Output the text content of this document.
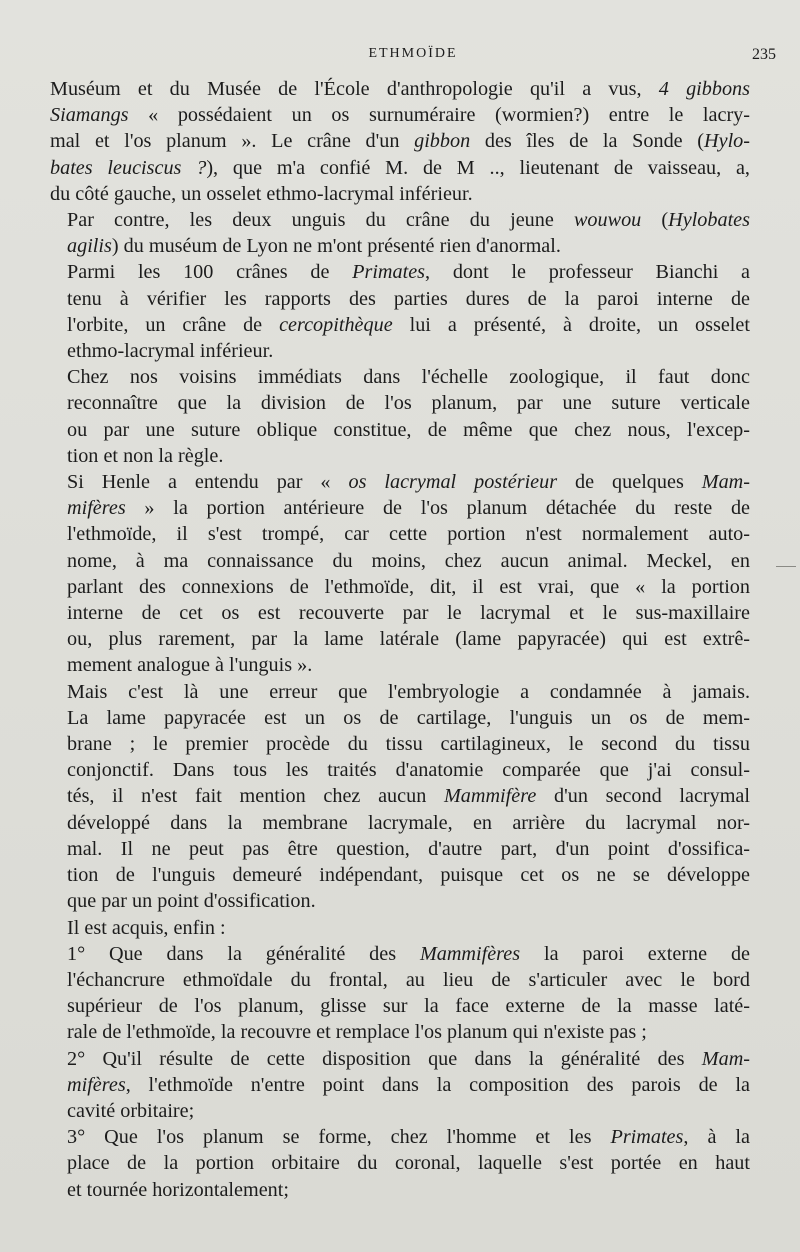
ETHMOÏDE	235

Muséum et du Musée de l'École d'anthropologie qu'il a vus, 4 gibbons
Siamangs « possédaient un os surnuméraire (wormien?) entre le lacry-
mal et l'os planum ». Le crâne d'un gibbon des îles de la Sonde (Hylo-
bates leuciscus ?), que m'a confié M. de M .., lieutenant de vaisseau, a,
du côté gauche, un osselet ethmo-lacrymal inférieur.

Par contre, les deux unguis du crâne du jeune wouwou (Hylobates
agilis) du muséum de Lyon ne m'ont présenté rien d'anormal.

Parmi les 100 crânes de Primates, dont le professeur Bianchi a
tenu à vérifier les rapports des parties dures de la paroi interne de
l'orbite, un crâne de cercopithèque lui a présenté, à droite, un osselet
ethmo-lacrymal inférieur.

Chez nos voisins immédiats dans l'échelle zoologique, il faut donc
reconnaître que la division de l'os planum, par une suture verticale
ou par une suture oblique constitue, de même que chez nous, l'excep-
tion et non la règle.

Si Henle a entendu par « os lacrymal postérieur de quelques Mam-
mifères » la portion antérieure de l'os planum détachée du reste de
l'ethmoïde, il s'est trompé, car cette portion n'est normalement auto-
nome, à ma connaissance du moins, chez aucun animal. Meckel, en
parlant des connexions de l'ethmoïde, dit, il est vrai, que « la portion
interne de cet os est recouverte par le lacrymal et le sus-maxillaire
ou, plus rarement, par la lame latérale (lame papyracée) qui est extrê-
mement analogue à l'unguis ».

Mais c'est là une erreur que l'embryologie a condamnée à jamais.
La lame papyracée est un os de cartilage, l'unguis un os de mem-
brane ; le premier procède du tissu cartilagineux, le second du tissu
conjonctif. Dans tous les traités d'anatomie comparée que j'ai consul-
tés, il n'est fait mention chez aucun Mammifère d'un second lacrymal
développé dans la membrane lacrymale, en arrière du lacrymal nor-
mal. Il ne peut pas être question, d'autre part, d'un point d'ossifica-
tion de l'unguis demeuré indépendant, puisque cet os ne se développe
que par un point d'ossification.

Il est acquis, enfin :

1° Que dans la généralité des Mammifères la paroi externe de
l'échancrure ethmoïdale du frontal, au lieu de s'articuler avec le bord
supérieur de l'os planum, glisse sur la face externe de la masse laté-
rale de l'ethmoïde, la recouvre et remplace l'os planum qui n'existe pas ;

2° Qu'il résulte de cette disposition que dans la généralité des Mam-
mifères, l'ethmoïde n'entre point dans la composition des parois de la
cavité orbitaire;

3° Que l'os planum se forme, chez l'homme et les Primates, à la
place de la portion orbitaire du coronal, laquelle s'est portée en haut
et tournée horizontalement;
